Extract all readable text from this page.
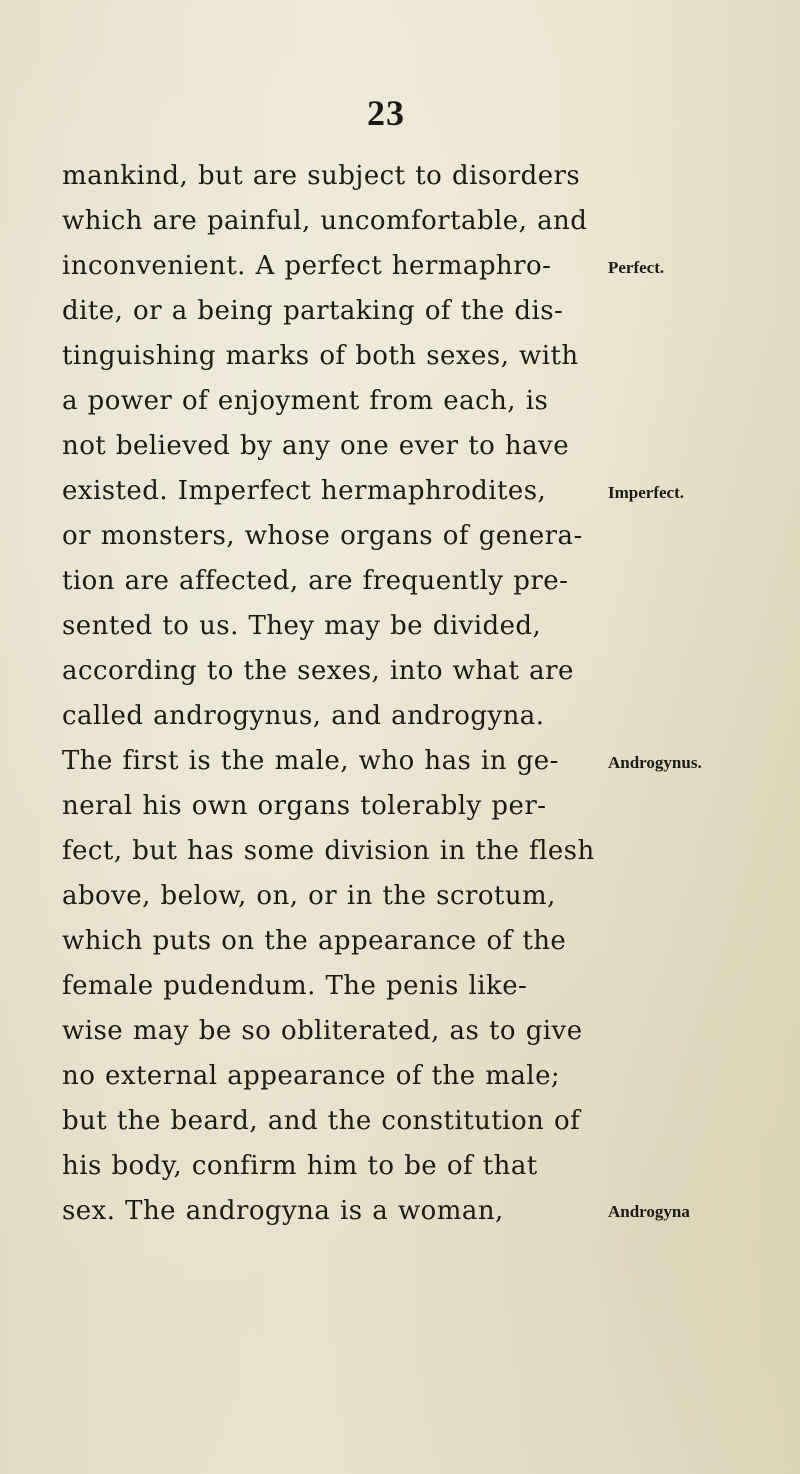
23
mankind, but are subject to disorders
which are painful, uncomfortable, and
inconvenient. A perfect hermaphro-
dite, or a being partaking of the dis-
tinguishing marks of both sexes, with
a power of enjoyment from each, is
not believed by any one ever to have
existed. Imperfect hermaphrodites,
or monsters, whose organs of genera-
tion are affected, are frequently pre-
sented to us. They may be divided,
according to the sexes, into what are
called androgynus, and androgyna.
The first is the male, who has in ge-
neral his own organs tolerably per-
fect, but has some division in the flesh
above, below, on, or in the scrotum,
which puts on the appearance of the
female pudendum. The penis like-
wise may be so obliterated, as to give
no external appearance of the male;
but the beard, and the constitution of
his body, confirm him to be of that
sex. The androgyna is a woman,
Perfect.
Imperfect.
Androgynus.
Androgyna
